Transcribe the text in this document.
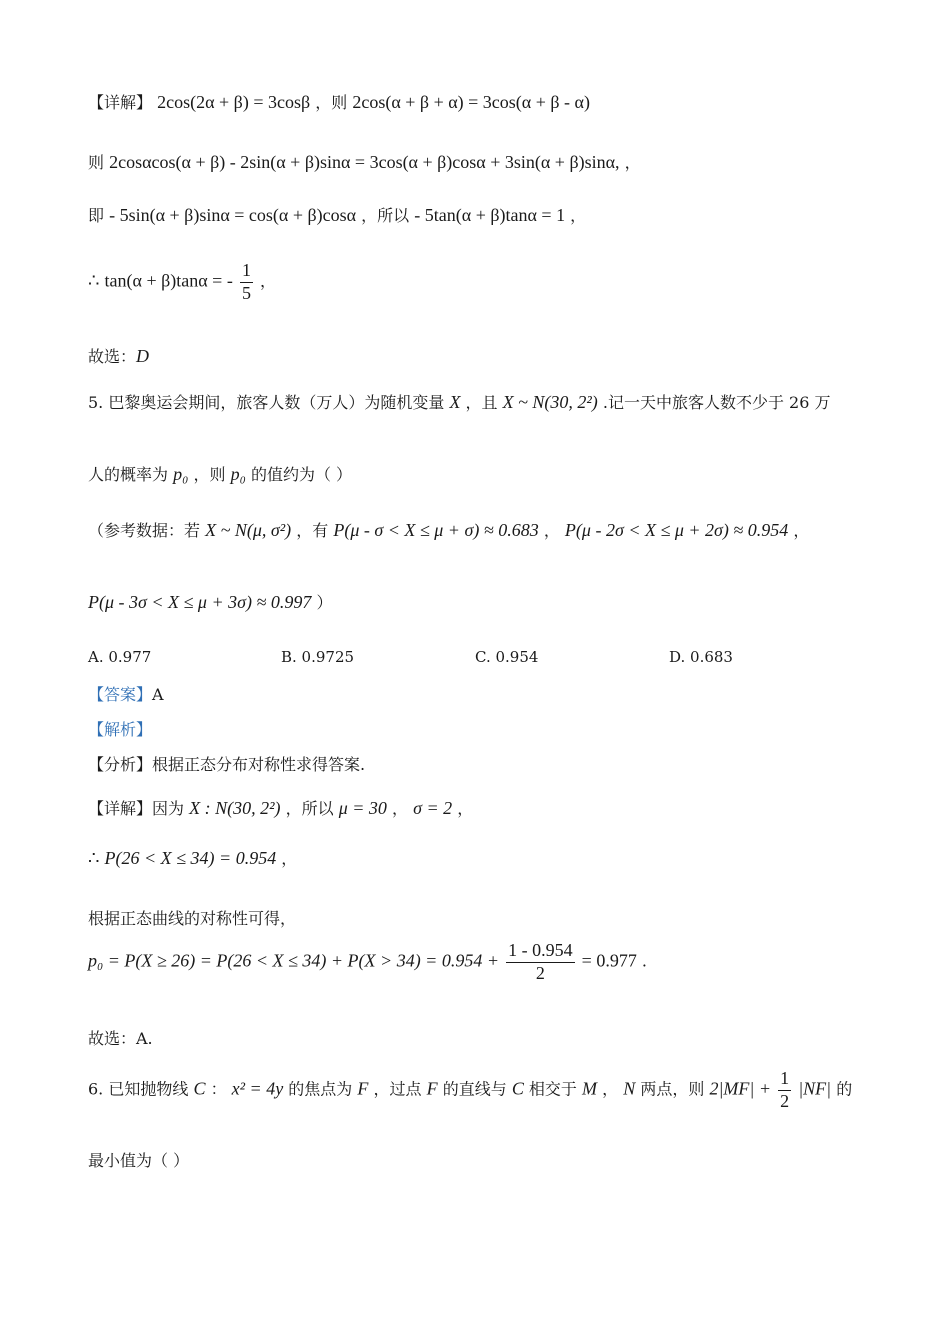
【详解】 2cos(2α + β) = 3cosβ ，则 2cos(α + β + α) = 3cos(α + β - α)
则 2cosαcos(α + β) - 2sin(α + β)sinα = 3cos(α + β)cosα + 3sin(α + β)sinα, ，
即 - 5sin(α + β)sinα = cos(α + β)cosα ，所以 - 5tan(α + β)tanα = 1 ，
∴ tan(α + β)tanα = - $\frac{1}{5}$ ，
故选：D
5. 巴黎奥运会期间，旅客人数（万人）为随机变量 X ，且 X ~ N(30, 2²) .记一天中旅客人数不少于 26 万
人的概率为 p₀ ，则 p₀ 的值约为（ ）
（参考数据：若 X ~ N(μ, σ²) ，有 P(μ - σ < X ≤ μ + σ) ≈ 0.683 ， P(μ - 2σ < X ≤ μ + 2σ) ≈ 0.954 ，
P(μ - 3σ < X ≤ μ + 3σ) ≈ 0.997 ）
A. 0.977	B. 0.9725	C. 0.954	D. 0.683
【答案】A
【解析】
【分析】根据正态分布对称性求得答案.
【详解】因为 X : N(30, 2²) ，所以 μ = 30 ， σ = 2 ，
∴ P(26 < X ≤ 34) = 0.954 ，
根据正态曲线的对称性可得，
$p_0 = P(X \ge 26) = P(26 < X \le 34) + P(X > 34) = 0.954 + \frac{1 - 0.954}{2} = 0.977$ .
故选：A.
6. 已知抛物线 C ： x² = 4y 的焦点为 F ，过点 F 的直线与 C 相交于 M ， N 两点，则 $2|MF| + \frac{1}{2} |NF|$ 的
最小值为（ ）
